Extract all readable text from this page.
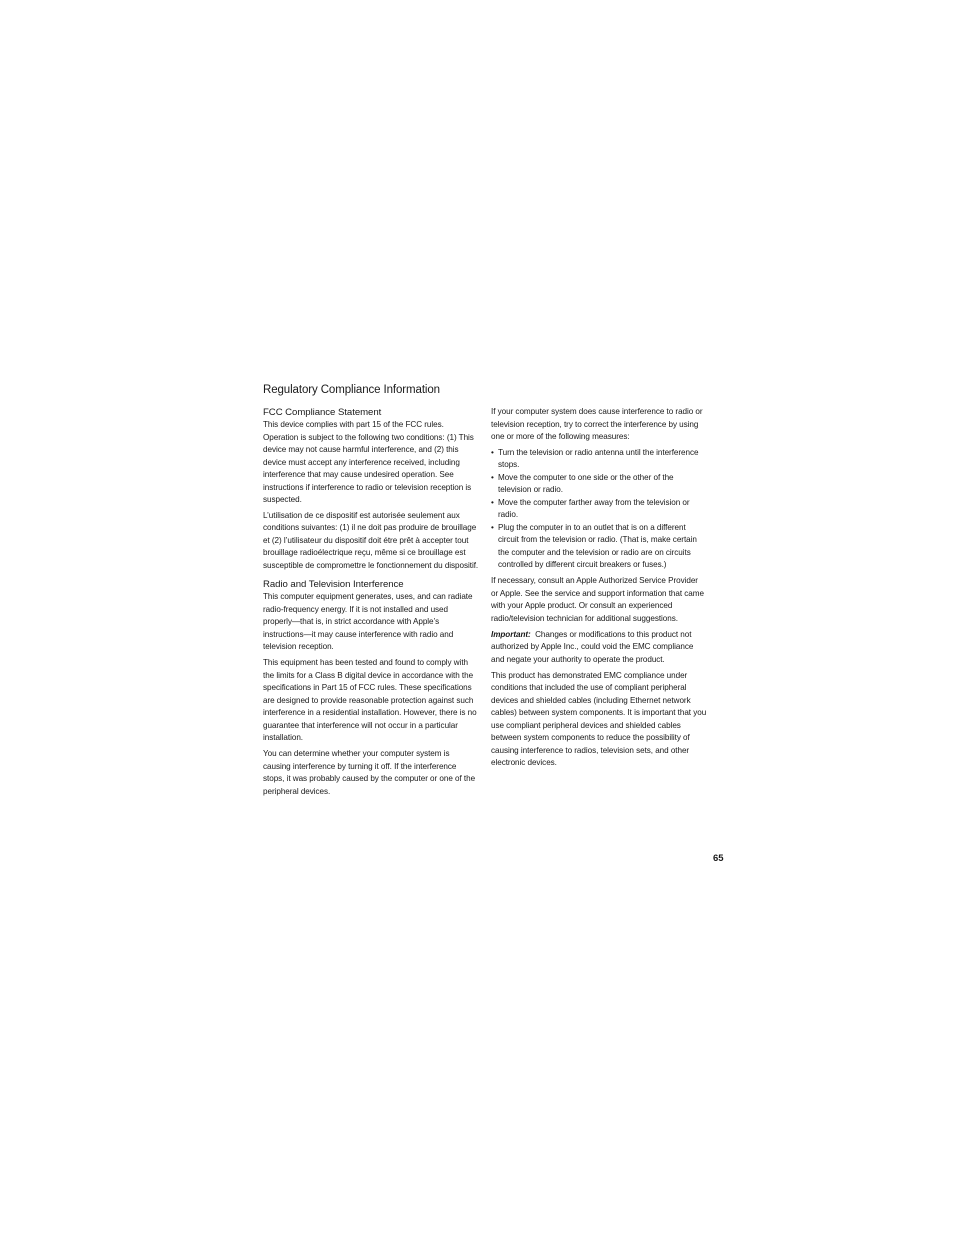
Regulatory Compliance Information
FCC Compliance Statement

This device complies with part 15 of the FCC rules. Operation is subject to the following two conditions: (1) This device may not cause harmful interference, and (2) this device must accept any interference received, including interference that may cause undesired operation. See instructions if interference to radio or television reception is suspected.

L’utilisation de ce dispositif est autorisée seulement aux conditions suivantes: (1) il ne doit pas produire de brouillage et (2) l’utilisateur du dispositif doit étre prêt à accepter tout brouillage radioélectrique reçu, même si ce brouillage est susceptible de compromettre le fonctionnement du dispositif.

Radio and Television Interference

This computer equipment generates, uses, and can radiate radio-frequency energy. If it is not installed and used properly—that is, in strict accordance with Apple’s instructions—it may cause interference with radio and television reception.

This equipment has been tested and found to comply with the limits for a Class B digital device in accordance with the specifications in Part 15 of FCC rules. These specifications are designed to provide reasonable protection against such interference in a residential installation. However, there is no guarantee that interference will not occur in a particular installation.

You can determine whether your computer system is causing interference by turning it off. If the interference stops, it was probably caused by the computer or one of the peripheral devices.

If your computer system does cause interference to radio or television reception, try to correct the interference by using one or more of the following measures:

• Turn the television or radio antenna until the interference stops.
• Move the computer to one side or the other of the television or radio.
• Move the computer farther away from the television or radio.
• Plug the computer in to an outlet that is on a different circuit from the television or radio. (That is, make certain the computer and the television or radio are on circuits controlled by different circuit breakers or fuses.)

If necessary, consult an Apple Authorized Service Provider or Apple. See the service and support information that came with your Apple product. Or consult an experienced radio/television technician for additional suggestions.

Important: Changes or modifications to this product not authorized by Apple Inc., could void the EMC compliance and negate your authority to operate the product.

This product has demonstrated EMC compliance under conditions that included the use of compliant peripheral devices and shielded cables (including Ethernet network cables) between system components. It is important that you use compliant peripheral devices and shielded cables between system components to reduce the possibility of causing interference to radios, television sets, and other electronic devices.

65
